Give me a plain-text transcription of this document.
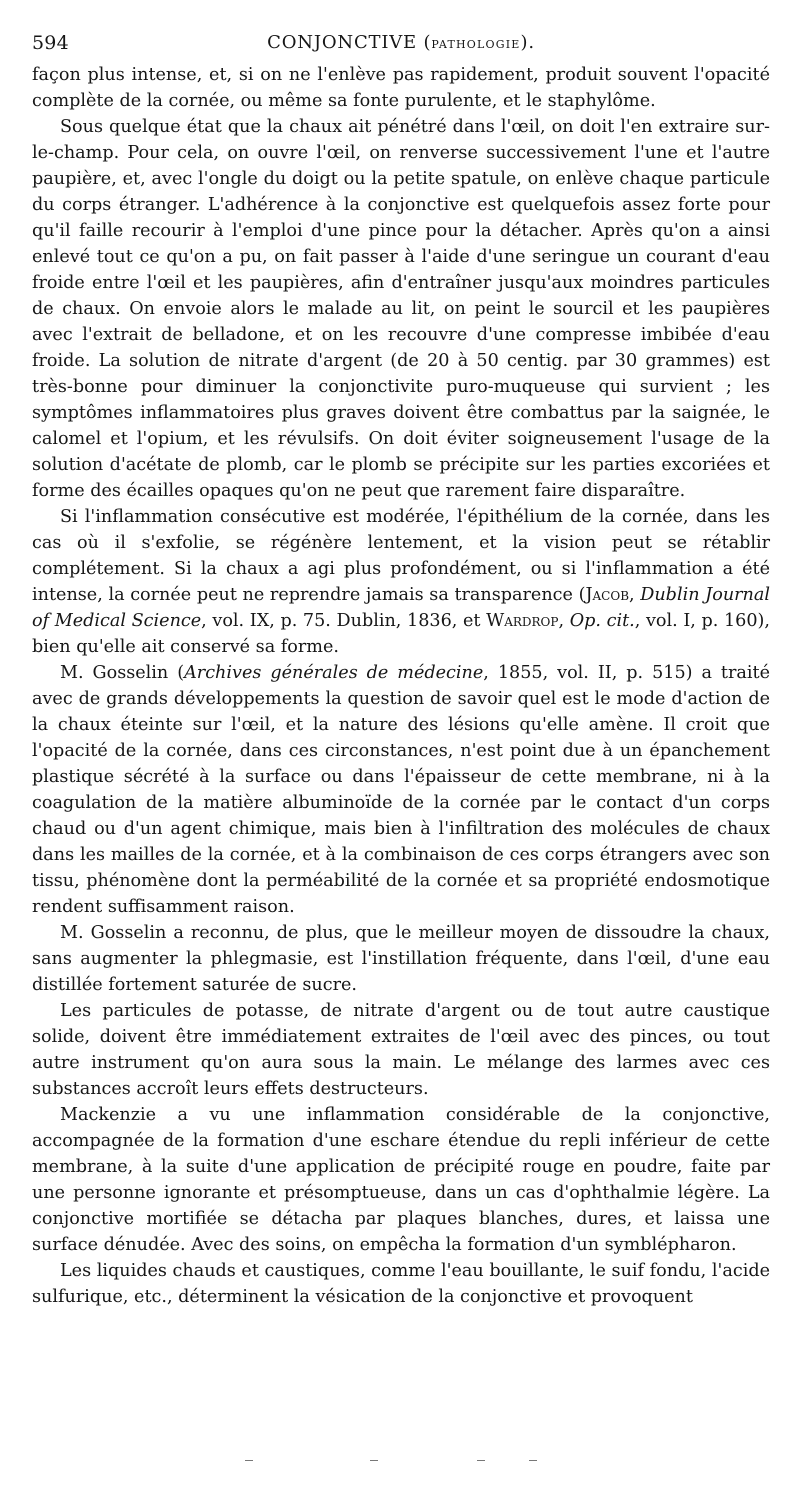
594	CONJONCTIVE (PATHOLOGIE).

façon plus intense, et, si on ne l'enlève pas rapidement, produit souvent l'opacité complète de la cornée, ou même sa fonte purulente, et le staphylôme.

Sous quelque état que la chaux ait pénétré dans l'œil, on doit l'en extraire sur-le-champ. Pour cela, on ouvre l'œil, on renverse successivement l'une et l'autre paupière, et, avec l'ongle du doigt ou la petite spatule, on enlève chaque particule du corps étranger. L'adhérence à la conjonctive est quelquefois assez forte pour qu'il faille recourir à l'emploi d'une pince pour la détacher. Après qu'on a ainsi enlevé tout ce qu'on a pu, on fait passer à l'aide d'une seringue un courant d'eau froide entre l'œil et les paupières, afin d'entraîner jusqu'aux moindres particules de chaux. On envoie alors le malade au lit, on peint le sourcil et les paupières avec l'extrait de belladone, et on les recouvre d'une compresse imbibée d'eau froide. La solution de nitrate d'argent (de 20 à 50 centig. par 30 grammes) est très-bonne pour diminuer la conjonctivite puro-muqueuse qui survient ; les symptômes inflammatoires plus graves doivent être combattus par la saignée, le calomel et l'opium, et les révulsifs. On doit éviter soigneusement l'usage de la solution d'acétate de plomb, car le plomb se précipite sur les parties excoriées et forme des écailles opaques qu'on ne peut que rarement faire disparaître.

Si l'inflammation consécutive est modérée, l'épithélium de la cornée, dans les cas où il s'exfolie, se régénère lentement, et la vision peut se rétablir complétement. Si la chaux a agi plus profondément, ou si l'inflammation a été intense, la cornée peut ne reprendre jamais sa transparence (Jacob, Dublin Journal of Medical Science, vol. IX, p. 75. Dublin, 1836, et Wardrop, Op. cit., vol. I, p. 160), bien qu'elle ait conservé sa forme.

M. Gosselin (Archives générales de médecine, 1855, vol. II, p. 515) a traité avec de grands développements la question de savoir quel est le mode d'action de la chaux éteinte sur l'œil, et la nature des lésions qu'elle amène. Il croit que l'opacité de la cornée, dans ces circonstances, n'est point due à un épanchement plastique sécrété à la surface ou dans l'épaisseur de cette membrane, ni à la coagulation de la matière albuminoïde de la cornée par le contact d'un corps chaud ou d'un agent chimique, mais bien à l'infiltration des molécules de chaux dans les mailles de la cornée, et à la combinaison de ces corps étrangers avec son tissu, phénomène dont la perméabilité de la cornée et sa propriété endosmotique rendent suffisamment raison.

M. Gosselin a reconnu, de plus, que le meilleur moyen de dissoudre la chaux, sans augmenter la phlegmasie, est l'instillation fréquente, dans l'œil, d'une eau distillée fortement saturée de sucre.

Les particules de potasse, de nitrate d'argent ou de tout autre caustique solide, doivent être immédiatement extraites de l'œil avec des pinces, ou tout autre instrument qu'on aura sous la main. Le mélange des larmes avec ces substances accroît leurs effets destructeurs.

Mackenzie a vu une inflammation considérable de la conjonctive, accompagnée de la formation d'une eschare étendue du repli inférieur de cette membrane, à la suite d'une application de précipité rouge en poudre, faite par une personne ignorante et présomptueuse, dans un cas d'ophthalmie légère. La conjonctive mortifiée se détacha par plaques blanches, dures, et laissa une surface dénudée. Avec des soins, on empêcha la formation d'un symblépharon.

Les liquides chauds et caustiques, comme l'eau bouillante, le suif fondu, l'acide sulfurique, etc., déterminent la vésication de la conjonctive et provoquent
